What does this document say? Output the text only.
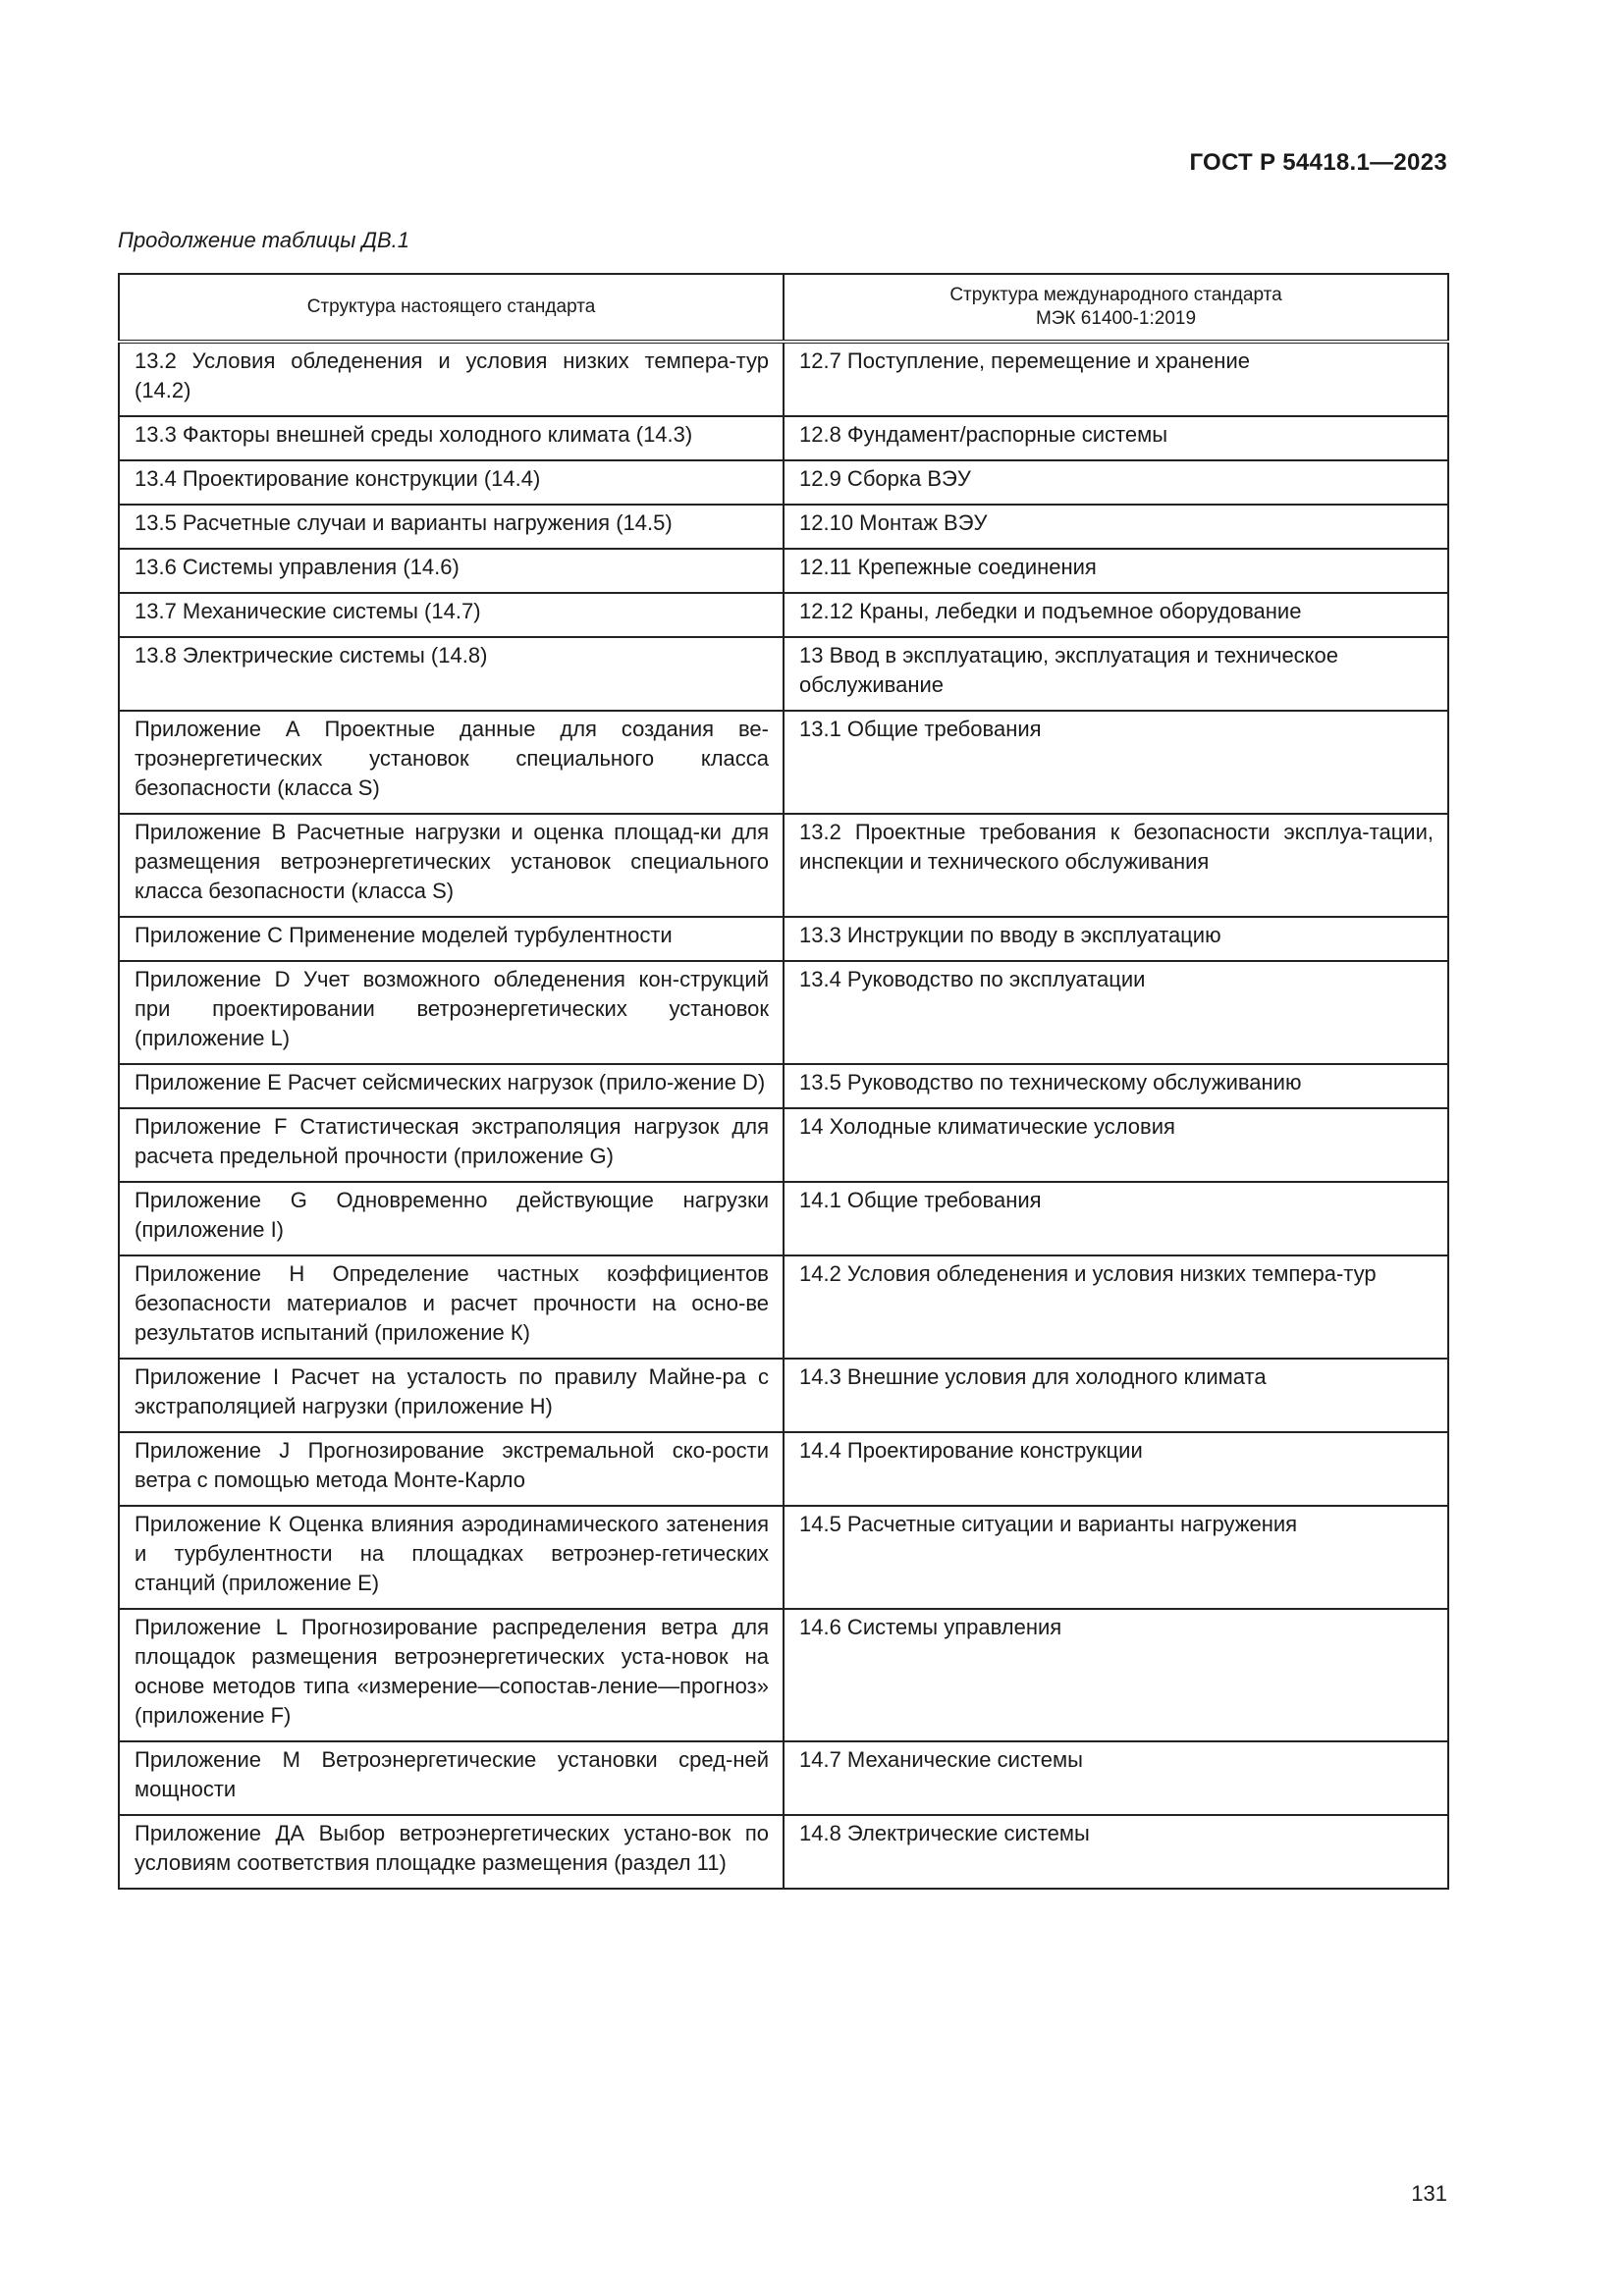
ГОСТ Р 54418.1—2023
Продолжение таблицы ДВ.1
Структура настоящего стандарта	Структура международного стандарта
МЭК 61400-1:2019
13.2 Условия обледенения и условия низких темпера-тур (14.2)	12.7 Поступление, перемещение и хранение
13.3 Факторы внешней среды холодного климата (14.3)	12.8 Фундамент/распорные системы
13.4 Проектирование конструкции (14.4)	12.9 Сборка ВЭУ
13.5 Расчетные случаи и варианты нагружения (14.5)	12.10 Монтаж ВЭУ
13.6 Системы управления (14.6)	12.11 Крепежные соединения
13.7 Механические системы (14.7)	12.12 Краны, лебедки и подъемное оборудование
13.8 Электрические системы (14.8)	13 Ввод в эксплуатацию, эксплуатация и техническое обслуживание
Приложение А Проектные данные для создания ве-троэнергетических установок специального класса безопасности (класса S)	13.1 Общие требования
Приложение В Расчетные нагрузки и оценка площад-ки для размещения ветроэнергетических установок специального класса безопасности (класса S)	13.2 Проектные требования к безопасности эксплуа-тации, инспекции и технического обслуживания
Приложение С Применение моделей турбулентности	13.3 Инструкции по вводу в эксплуатацию
Приложение D Учет возможного обледенения кон-струкций при проектировании ветроэнергетических установок (приложение L)	13.4 Руководство по эксплуатации
Приложение Е Расчет сейсмических нагрузок (прило-жение D)	13.5 Руководство по техническому обслуживанию
Приложение F Статистическая экстраполяция нагрузок для расчета предельной прочности (приложение G)	14 Холодные климатические условия
Приложение G Одновременно действующие нагрузки (приложение I)	14.1 Общие требования
Приложение Н Определение частных коэффициентов безопасности материалов и расчет прочности на осно-ве результатов испытаний (приложение К)	14.2 Условия обледенения и условия низких темпера-тур
Приложение I Расчет на усталость по правилу Майне-ра с экстраполяцией нагрузки (приложение Н)	14.3 Внешние условия для холодного климата
Приложение J Прогнозирование экстремальной ско-рости ветра с помощью метода Монте-Карло	14.4 Проектирование конструкции
Приложение К Оценка влияния аэродинамического затенения и турбулентности на площадках ветроэнер-гетических станций (приложение Е)	14.5 Расчетные ситуации и варианты нагружения
Приложение L Прогнозирование распределения ветра для площадок размещения ветроэнергетических уста-новок на основе методов типа «измерение—сопостав-ление—прогноз» (приложение F)	14.6 Системы управления
Приложение М Ветроэнергетические установки сред-ней мощности	14.7 Механические системы
Приложение ДА Выбор ветроэнергетических устано-вок по условиям соответствия площадке размещения (раздел 11)	14.8 Электрические системы
131
